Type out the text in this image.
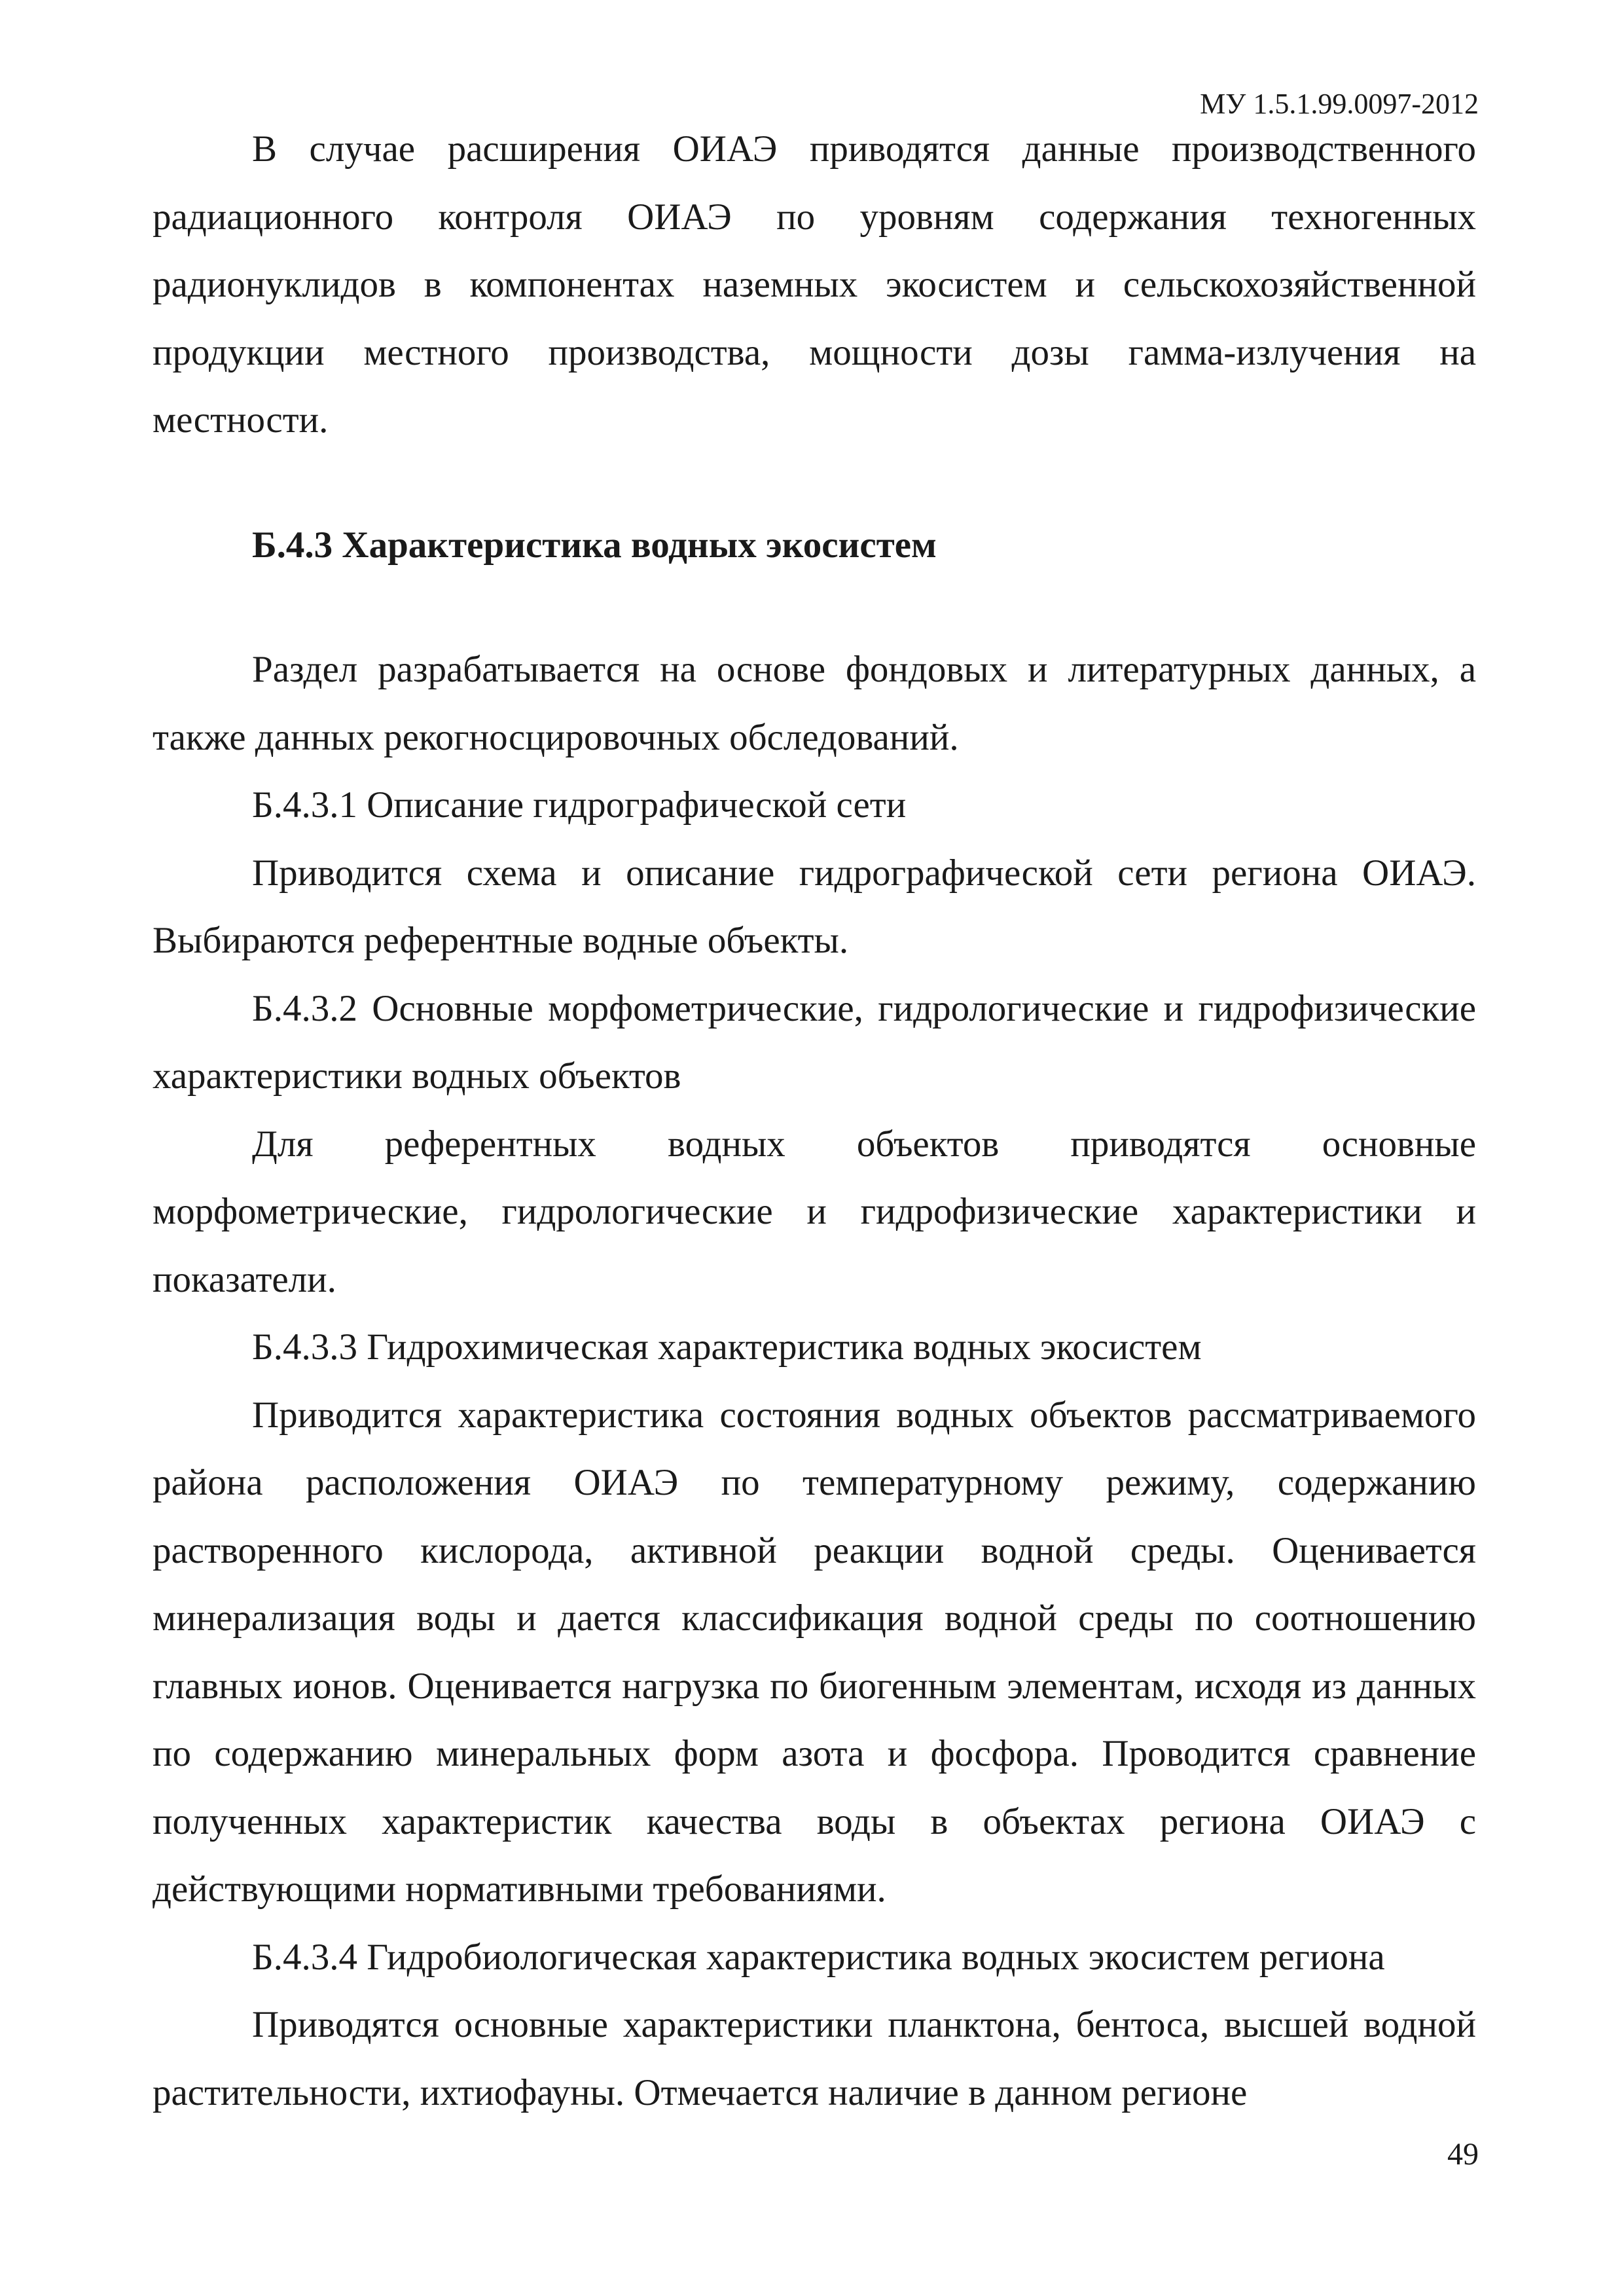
МУ 1.5.1.99.0097-2012

В случае расширения ОИАЭ приводятся данные производственного радиационного контроля ОИАЭ по уровням содержания техногенных радионуклидов в компонентах наземных экосистем и сельскохозяйственной продукции местного производства, мощности дозы гамма-излучения на местности.

Б.4.3 Характеристика водных экосистем

Раздел разрабатывается на основе фондовых и литературных данных, а также данных рекогносцировочных обследований.

Б.4.3.1 Описание гидрографической сети

Приводится схема и описание гидрографической сети региона ОИАЭ. Выбираются референтные водные объекты.

Б.4.3.2 Основные морфометрические, гидрологические и гидрофизические характеристики водных объектов

Для референтных водных объектов приводятся основные морфометрические, гидрологические и гидрофизические характеристики и показатели.

Б.4.3.3 Гидрохимическая характеристика водных экосистем

Приводится характеристика состояния водных объектов рассматриваемого района расположения ОИАЭ по температурному режиму, содержанию растворенного кислорода, активной реакции водной среды. Оценивается минерализация воды и дается классификация водной среды по соотношению главных ионов. Оценивается нагрузка по биогенным элементам, исходя из данных по содержанию минеральных форм азота и фосфора. Проводится сравнение полученных характеристик качества воды в объектах региона ОИАЭ с действующими нормативными требованиями.

Б.4.3.4 Гидробиологическая характеристика водных экосистем региона

Приводятся основные характеристики планктона, бентоса, высшей водной растительности, ихтиофауны. Отмечается наличие в данном регионе

49
